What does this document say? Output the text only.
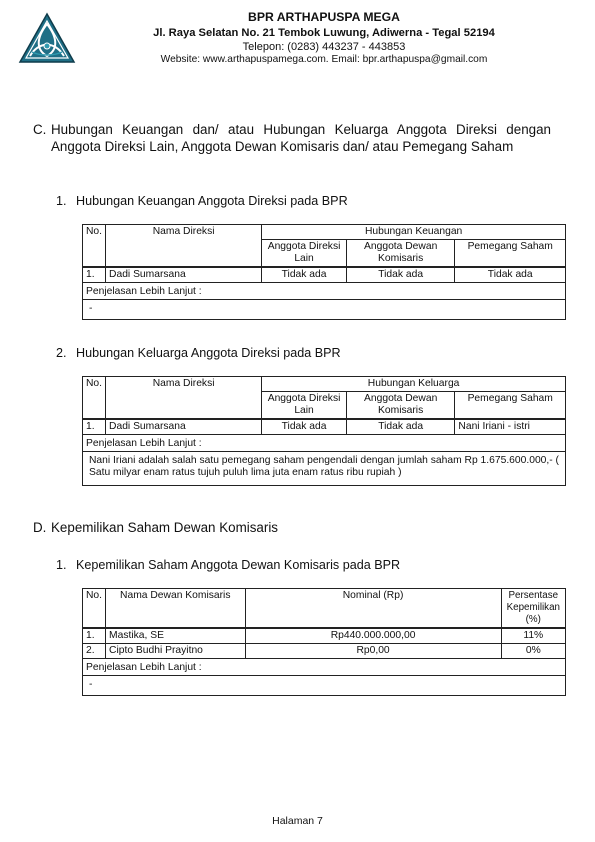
BPR ARTHAPUSPA MEGA
Jl. Raya Selatan No. 21 Tembok Luwung, Adiwerna - Tegal 52194
Telepon: (0283) 443237 - 443853
Website: www.arthapuspamega.com. Email: bpr.arthapuspa@gmail.com
C. Hubungan Keuangan dan/ atau Hubungan Keluarga Anggota Direksi dengan Anggota Direksi Lain, Anggota Dewan Komisaris dan/ atau Pemegang Saham
1. Hubungan Keuangan Anggota Direksi pada BPR
No.	Nama Direksi	Hubungan Keuangan		
		Anggota Direksi Lain	Anggota Dewan Komisaris	Pemegang Saham
1.	Dadi Sumarsana	Tidak ada	Tidak ada	Tidak ada
Penjelasan Lebih Lanjut :				
-				
2. Hubungan Keluarga Anggota Direksi pada BPR
No.	Nama Direksi	Hubungan Keluarga		
		Anggota Direksi Lain	Anggota Dewan Komisaris	Pemegang Saham
1.	Dadi Sumarsana	Tidak ada	Tidak ada	Nani Iriani - istri
Penjelasan Lebih Lanjut :				
Nani Iriani adalah salah satu pemegang saham pengendali dengan jumlah saham Rp 1.675.600.000,- ( Satu milyar enam ratus tujuh puluh lima juta enam ratus ribu rupiah )				
D. Kepemilikan Saham Dewan Komisaris
1. Kepemilikan Saham Anggota Dewan Komisaris pada BPR
No.	Nama Dewan Komisaris	Nominal (Rp)	Persentase Kepemilikan (%)
1.	Mastika, SE	Rp440.000.000,00	11%
2.	Cipto Budhi Prayitno	Rp0,00	0%
Penjelasan Lebih Lanjut :			
-			
Halaman 7
